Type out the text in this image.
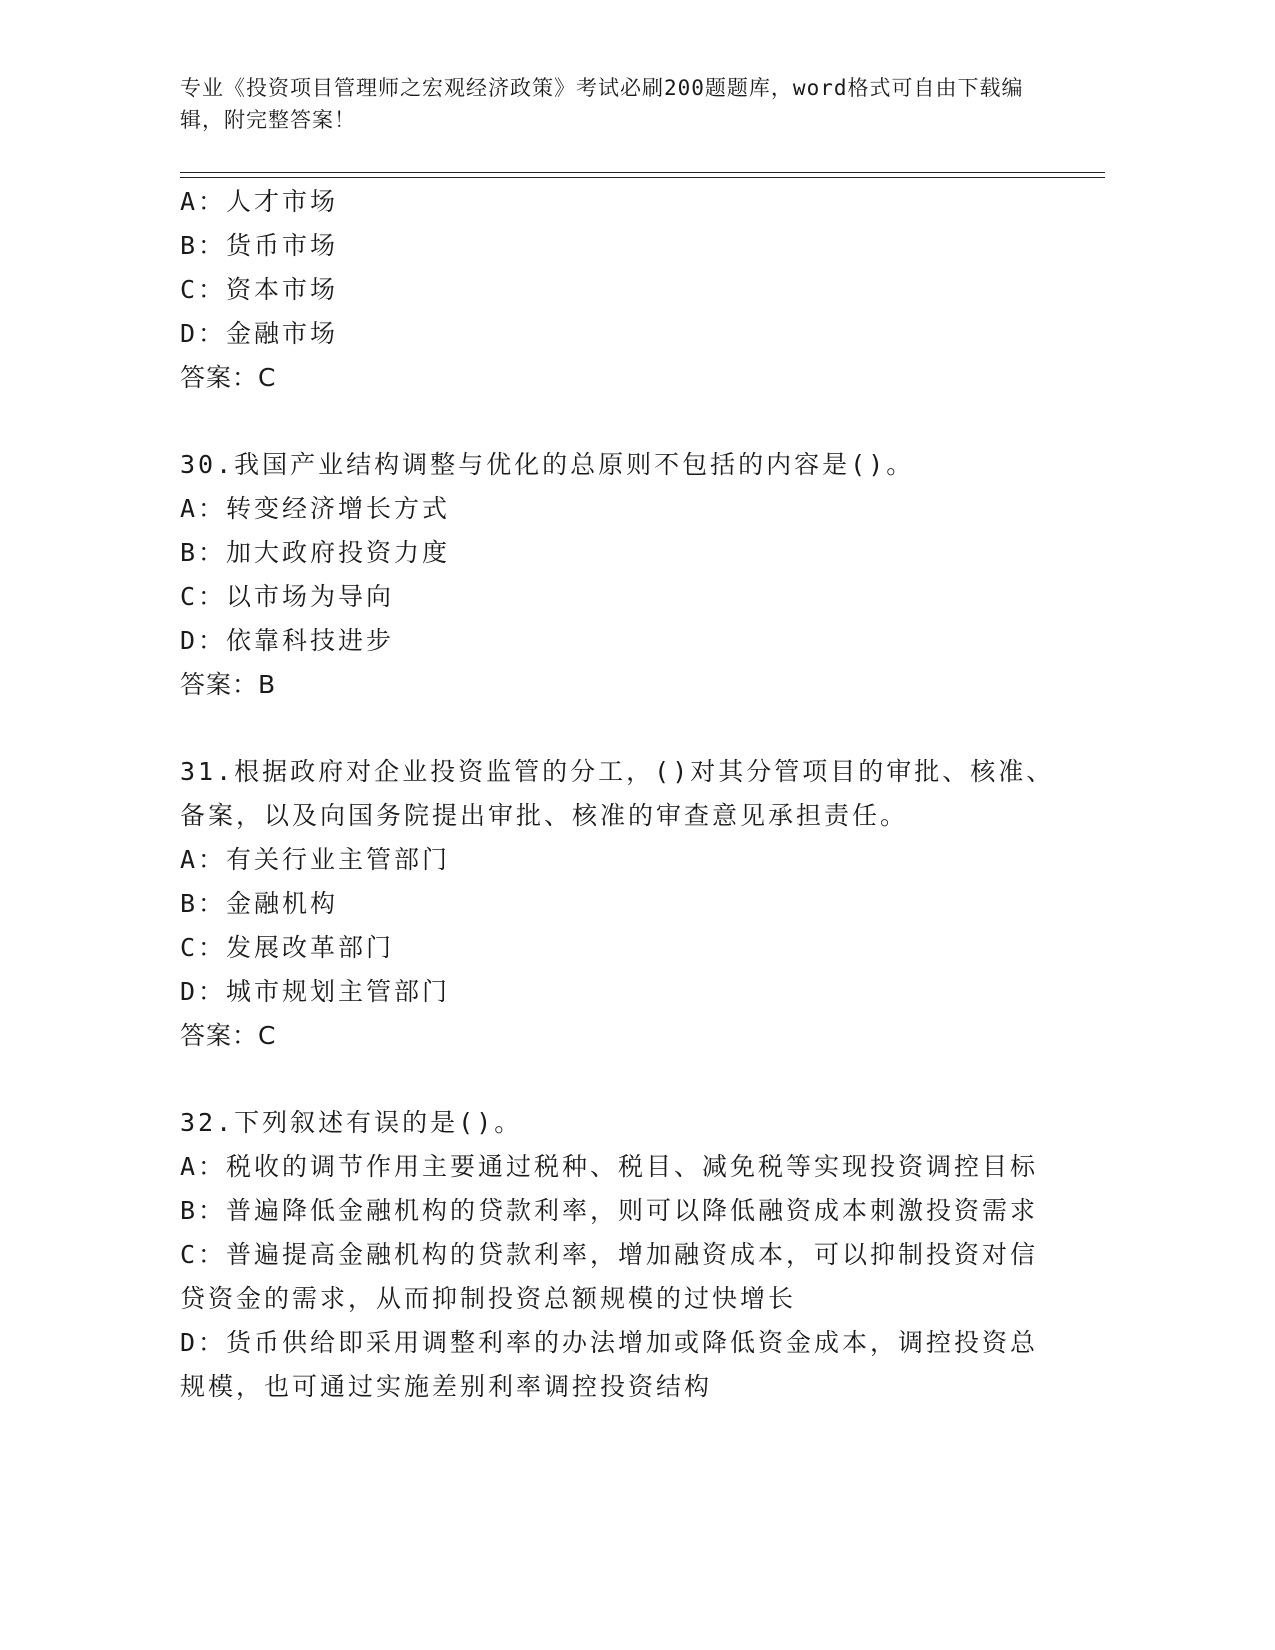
专业《投资项目管理师之宏观经济政策》考试必刷200题题库，word格式可自由下载编辑，附完整答案！
A：人才市场
B：货币市场
C：资本市场
D：金融市场
答案：C
30.我国产业结构调整与优化的总原则不包括的内容是()。
A：转变经济增长方式
B：加大政府投资力度
C：以市场为导向
D：依靠科技进步
答案：B
31.根据政府对企业投资监管的分工，()对其分管项目的审批、核准、
备案，以及向国务院提出审批、核准的审查意见承担责任。
A：有关行业主管部门
B：金融机构
C：发展改革部门
D：城市规划主管部门
答案：C
32.下列叙述有误的是()。
A：税收的调节作用主要通过税种、税目、减免税等实现投资调控目标
B：普遍降低金融机构的贷款利率，则可以降低融资成本刺激投资需求
C：普遍提高金融机构的贷款利率，增加融资成本，可以抑制投资对信
贷资金的需求，从而抑制投资总额规模的过快增长
D：货币供给即采用调整利率的办法增加或降低资金成本，调控投资总
规模，也可通过实施差别利率调控投资结构
